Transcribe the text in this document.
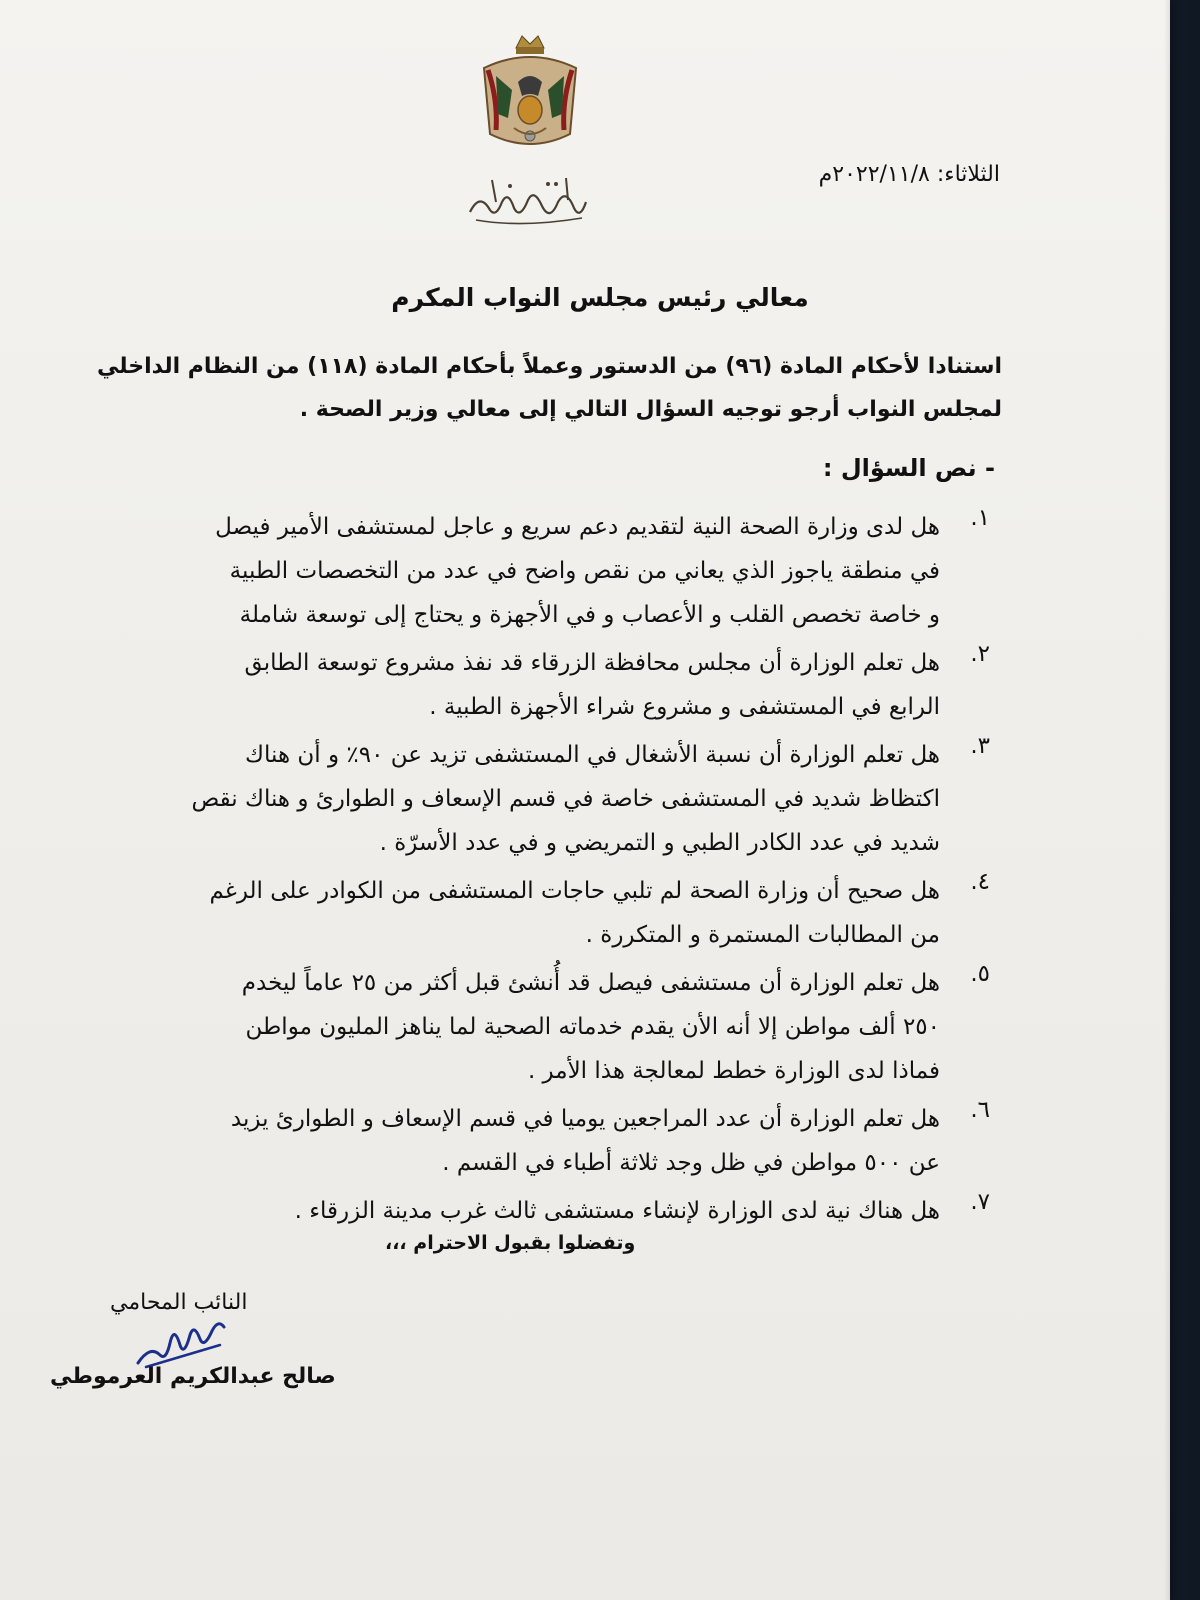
الثلاثاء: ٢٠٢٢/١١/٨م
معالي رئيس مجلس النواب المكرم
استنادا لأحكام المادة (٩٦) من الدستور وعملاً بأحكام المادة (١١٨) من النظام الداخلي
لمجلس النواب أرجو توجيه السؤال التالي إلى معالي وزير الصحة .
- نص السؤال :
١.
هل لدى وزارة الصحة النية لتقديم دعم سريع و عاجل لمستشفى الأمير فيصل
في منطقة ياجوز الذي يعاني من نقص واضح في عدد من التخصصات الطبية
و خاصة تخصص القلب و الأعصاب و في الأجهزة و يحتاج إلى توسعة شاملة
٢.
هل تعلم الوزارة أن مجلس محافظة الزرقاء قد نفذ مشروع توسعة الطابق
الرابع في المستشفى و مشروع شراء الأجهزة الطبية .
٣.
هل تعلم الوزارة أن نسبة الأشغال في المستشفى تزيد عن ٩٠٪ و أن هناك
اكتظاظ شديد في المستشفى خاصة في قسم الإسعاف و الطوارئ و هناك نقص
شديد في عدد الكادر الطبي و التمريضي و في عدد الأسرّة .
٤.
هل صحيح أن وزارة الصحة لم تلبي حاجات المستشفى من الكوادر على الرغم
من المطالبات المستمرة و المتكررة .
٥.
هل تعلم الوزارة أن مستشفى فيصل قد أُنشئ قبل أكثر من ٢٥ عاماً ليخدم
٢٥٠ ألف مواطن إلا أنه الأن يقدم خدماته الصحية لما يناهز المليون مواطن
فماذا لدى الوزارة خطط لمعالجة هذا الأمر .
٦.
هل تعلم الوزارة أن عدد المراجعين يوميا في قسم الإسعاف و الطوارئ يزيد
عن ٥٠٠ مواطن في ظل وجد ثلاثة أطباء في القسم .
٧.
هل هناك نية لدى الوزارة لإنشاء مستشفى ثالث غرب مدينة الزرقاء .
وتفضلوا بقبول الاحترام ،،،
النائب المحامي
صالح عبدالكريم العرموطي
